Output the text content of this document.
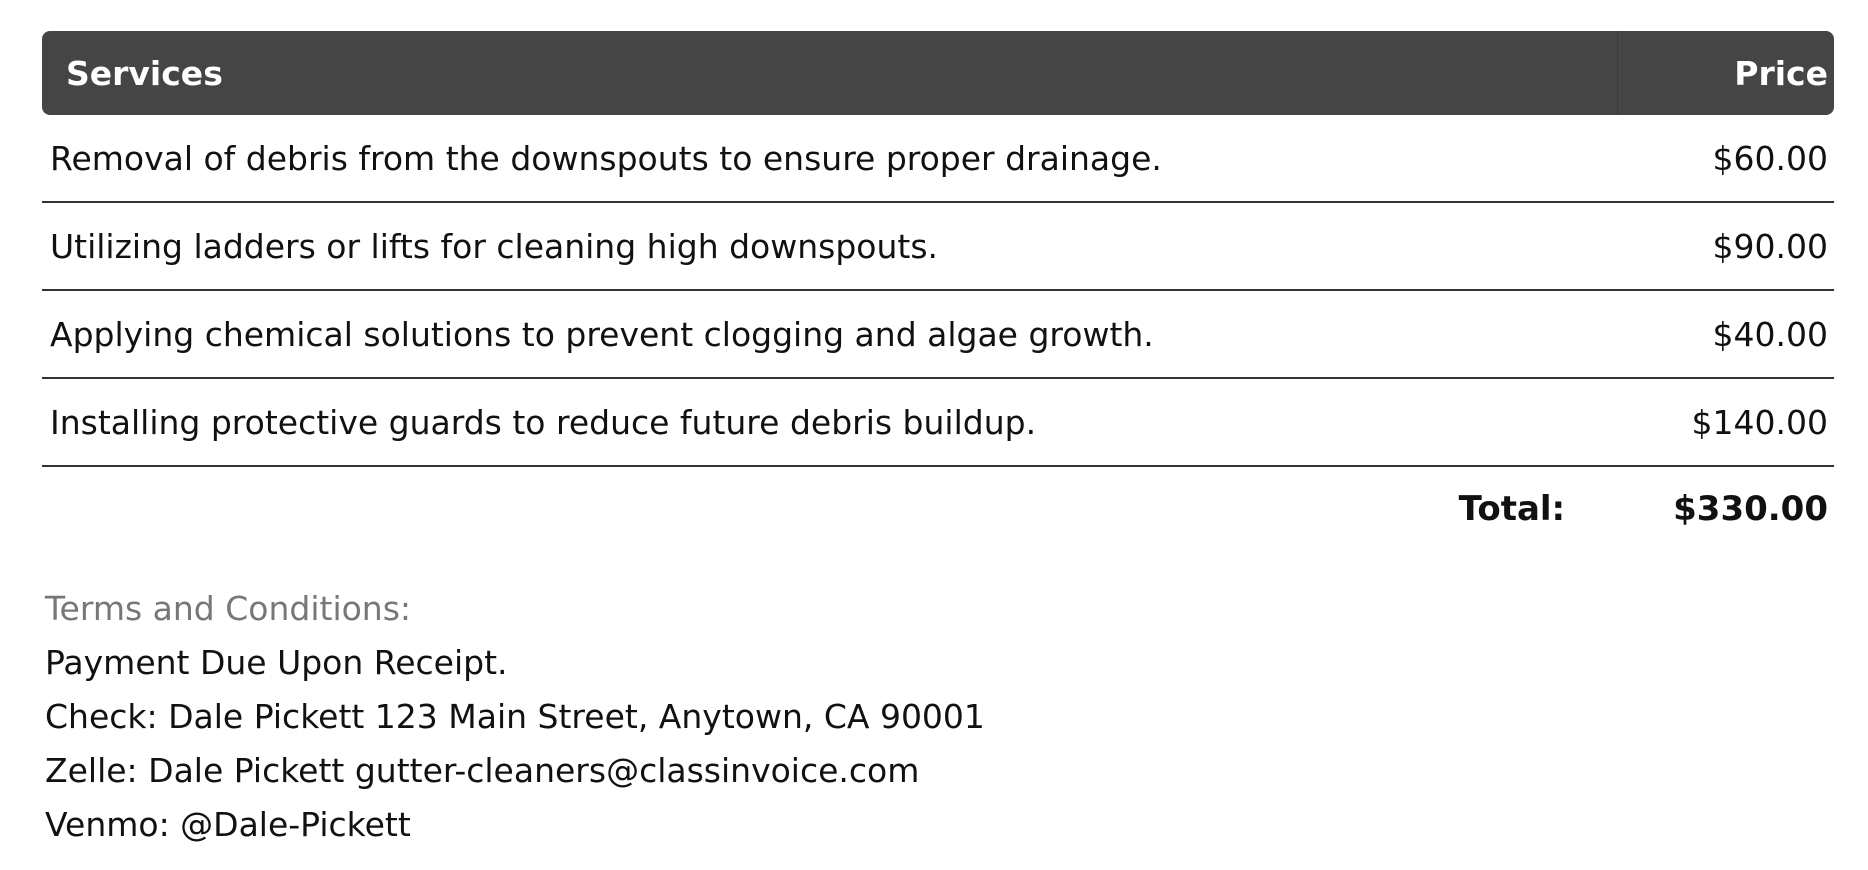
Services	Price
Removal of debris from the downspouts to ensure proper drainage.	$60.00
Utilizing ladders or lifts for cleaning high downspouts.	$90.00
Applying chemical solutions to prevent clogging and algae growth.	$40.00
Installing protective guards to reduce future debris buildup.	$140.00
Total:	$330.00
Terms and Conditions:
Payment Due Upon Receipt.
Check: Dale Pickett 123 Main Street, Anytown, CA 90001
Zelle: Dale Pickett gutter-cleaners@classinvoice.com
Venmo: @Dale-Pickett
